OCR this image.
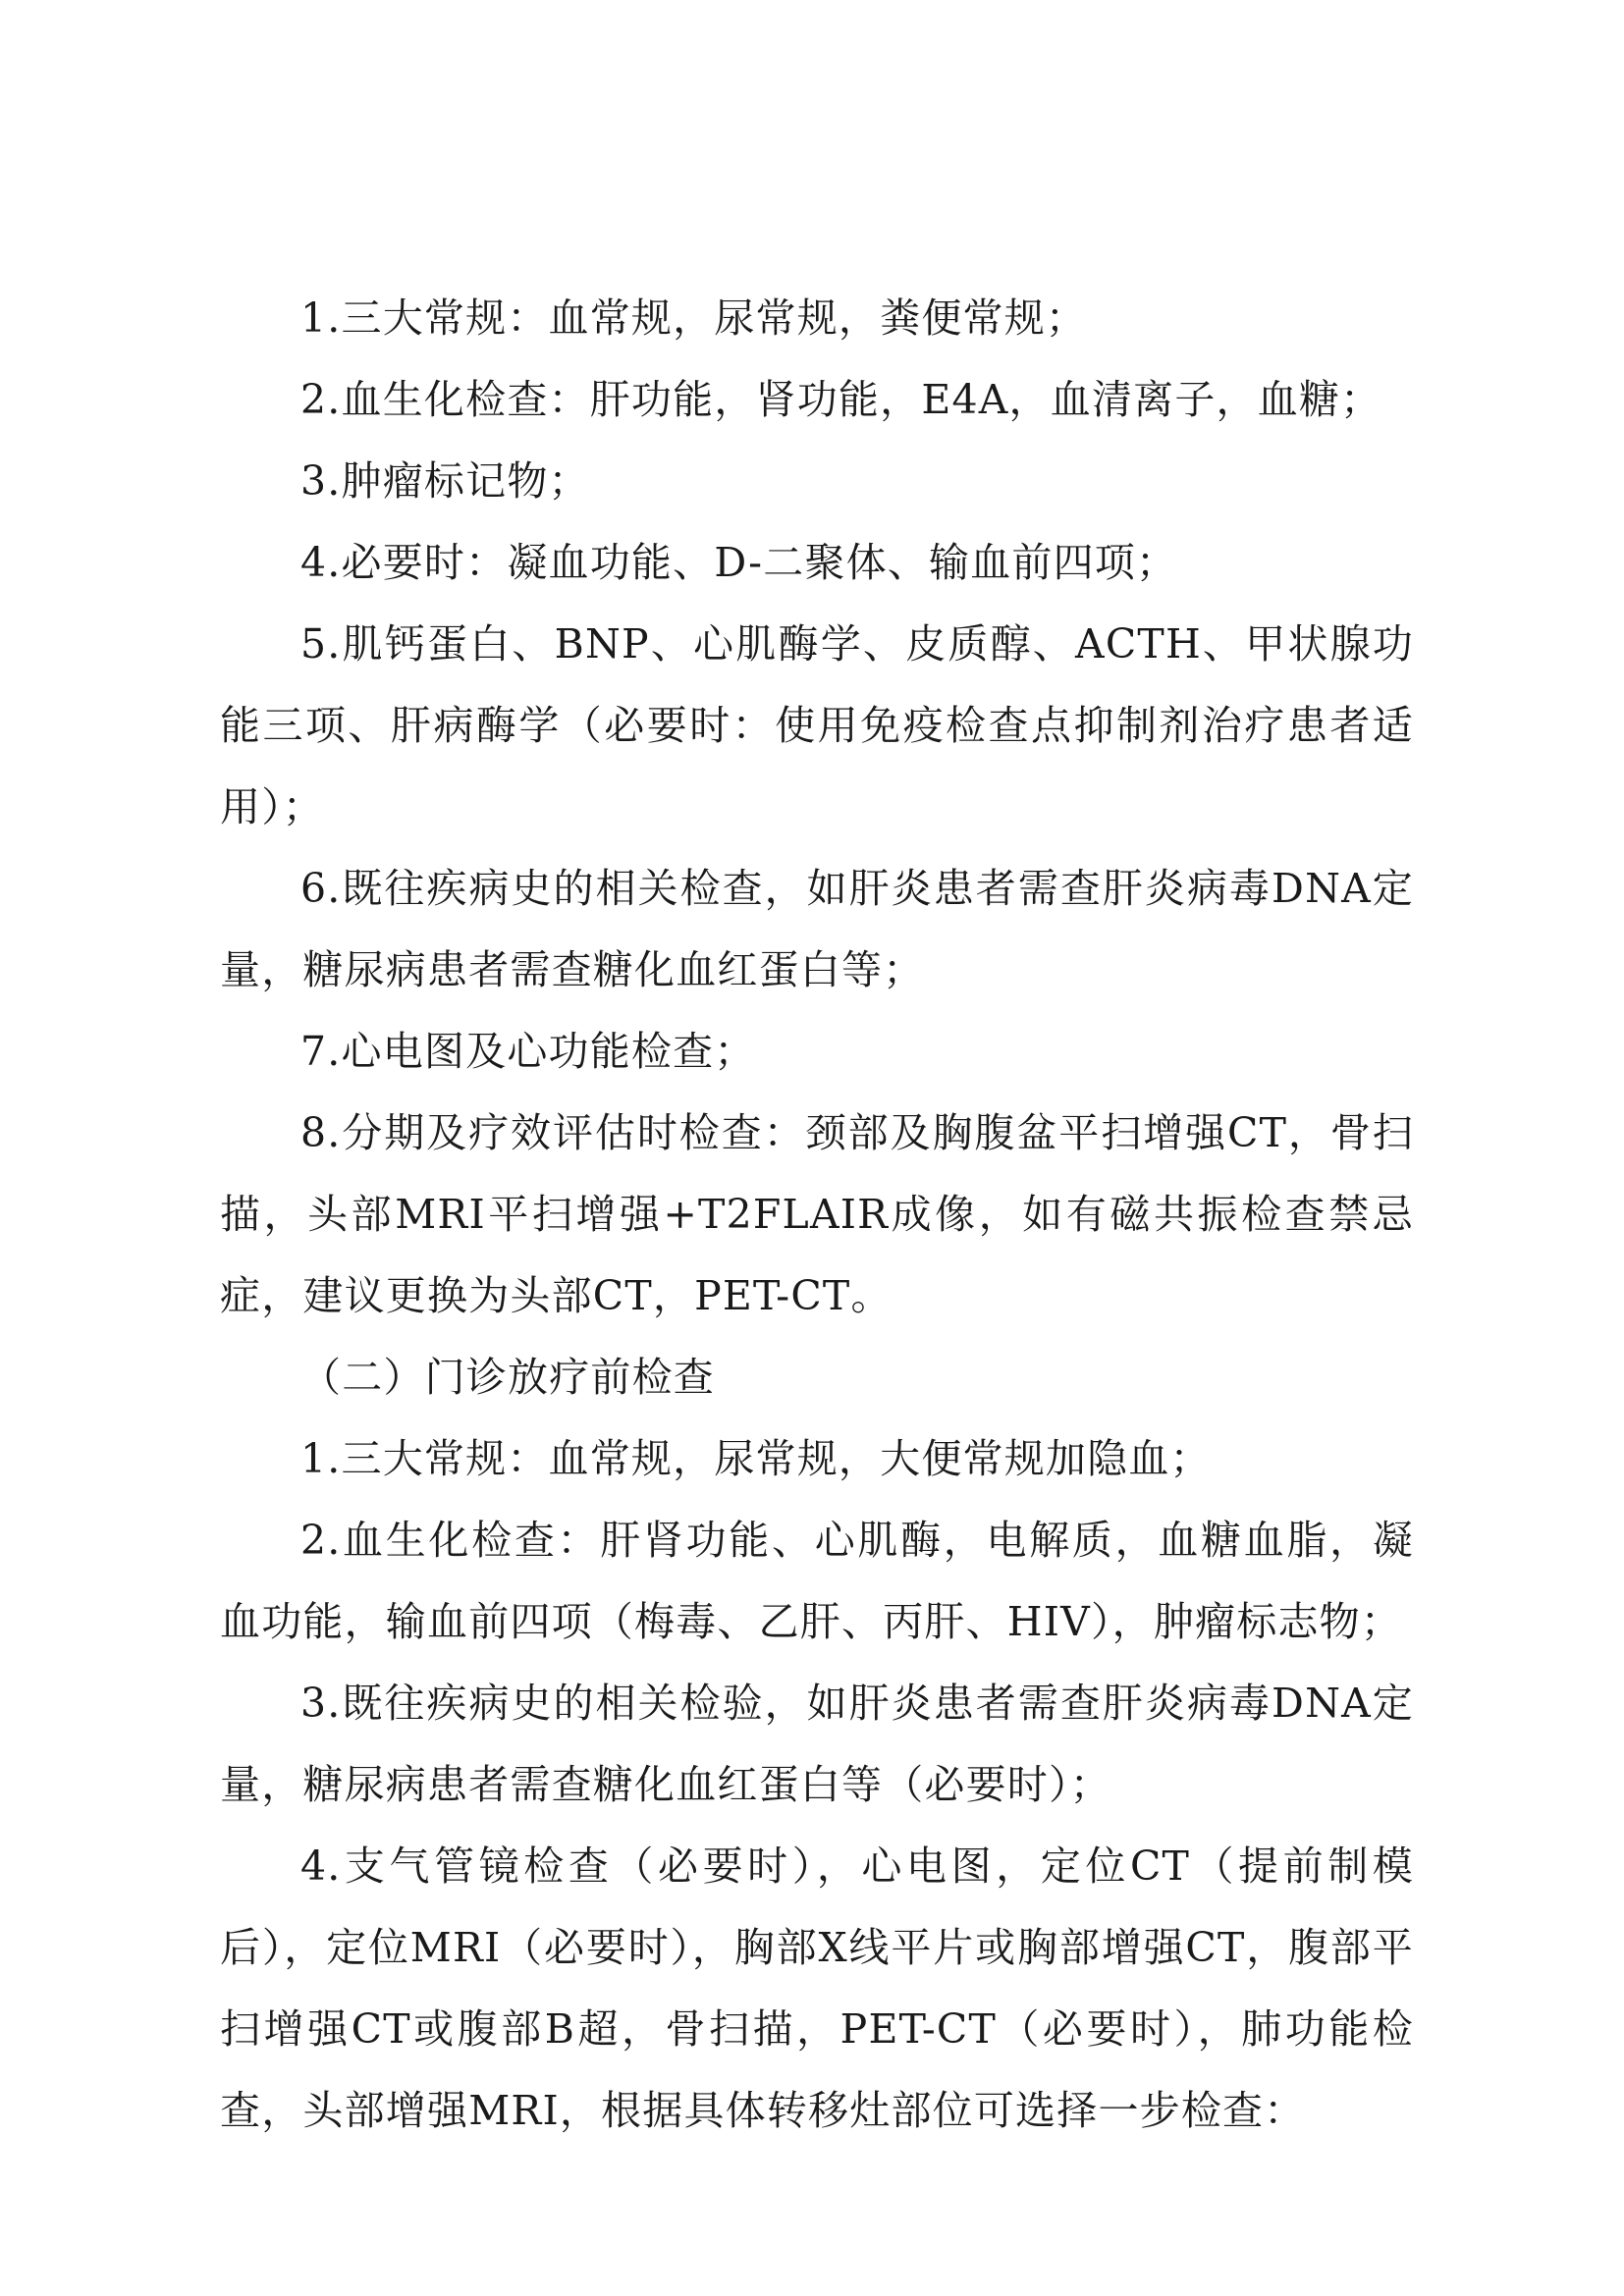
1.三大常规：血常规，尿常规，粪便常规；

2.血生化检查：肝功能，肾功能，E4A，血清离子，血糖；

3.肿瘤标记物；

4.必要时：凝血功能、D-二聚体、输血前四项；

5.肌钙蛋白、BNP、心肌酶学、皮质醇、ACTH、甲状腺功能三项、肝病酶学（必要时：使用免疫检查点抑制剂治疗患者适用）；

6.既往疾病史的相关检查，如肝炎患者需查肝炎病毒DNA定量，糖尿病患者需查糖化血红蛋白等；

7.心电图及心功能检查；

8.分期及疗效评估时检查：颈部及胸腹盆平扫增强CT，骨扫描，头部MRI平扫增强+T2FLAIR成像，如有磁共振检查禁忌症，建议更换为头部CT，PET-CT。

（二）门诊放疗前检查

1.三大常规：血常规，尿常规，大便常规加隐血；

2.血生化检查：肝肾功能、心肌酶，电解质，血糖血脂，凝血功能，输血前四项（梅毒、乙肝、丙肝、HIV），肿瘤标志物；

3.既往疾病史的相关检验，如肝炎患者需查肝炎病毒DNA定量，糖尿病患者需查糖化血红蛋白等（必要时）；

4.支气管镜检查（必要时），心电图，定位CT（提前制模后），定位MRI（必要时），胸部X线平片或胸部增强CT，腹部平扫增强CT或腹部B超，骨扫描，PET-CT（必要时），肺功能检查，头部增强MRI，根据具体转移灶部位可选择一步检查：
